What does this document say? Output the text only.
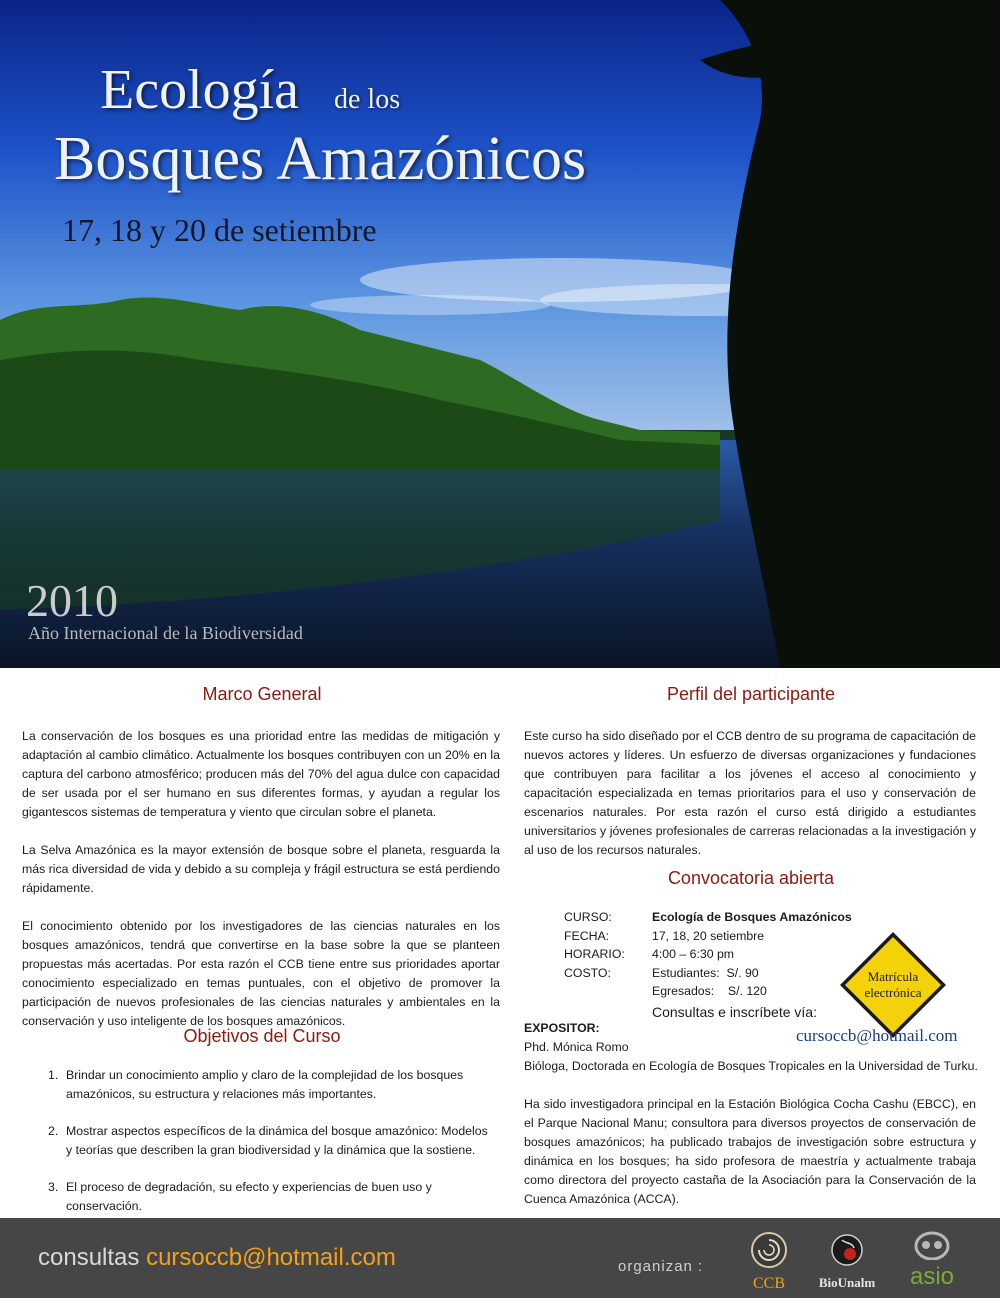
Ecología de los
Bosques Amazónicos
17, 18 y 20 de setiembre
2010
Año Internacional de la Biodiversidad
Marco General

La conservación de los bosques es una prioridad entre las medidas de mitigación y adaptación al cambio climático. Actualmente los bosques contribuyen con un 20% en la captura del carbono atmosférico; producen más del 70% del agua dulce con capacidad de ser usada por el ser humano en sus diferentes formas, y ayudan a regular los gigantescos sistemas de temperatura y viento que circulan sobre el planeta.

La Selva Amazónica es la mayor extensión de bosque sobre el planeta, resguarda la más rica diversidad de vida y debido a su compleja y frágil estructura se está perdiendo rápidamente.

El conocimiento obtenido por los investigadores de las ciencias naturales en los bosques amazónicos, tendrá que convertirse en la base sobre la que se planteen propuestas más acertadas. Por esta razón el CCB tiene entre sus prioridades aportar conocimiento especializado en temas puntuales, con el objetivo de promover la participación de nuevos profesionales de las ciencias naturales y ambientales en la conservación y uso inteligente de los bosques amazónicos.

Objetivos del Curso
1. Brindar un conocimiento amplio y claro de la complejidad de los bosques amazónicos, su estructura y relaciones más importantes.
2. Mostrar aspectos específicos de la dinámica del bosque amazónico: Modelos y teorías que describen la gran biodiversidad y la dinámica que la sostiene.
3. El proceso de degradación, su efecto y experiencias de buen uso y conservación.
Perfil del participante
Este curso ha sido diseñado por el CCB dentro de su programa de capacitación de nuevos actores y líderes. Un esfuerzo de diversas organizaciones y fundaciones que contribuyen para facilitar a los jóvenes el acceso al conocimiento y capacitación especializada en temas prioritarios para el uso y conservación de escenarios naturales. Por esta razón el curso está dirigido a estudiantes universitarios y jóvenes profesionales de carreras relacionadas a la investigación y al uso de los recursos naturales.
Convocatoria abierta
CURSO:	Ecología de Bosques Amazónicos
FECHA:	17, 18, 20 setiembre
HORARIO:	4:00 – 6:30 pm
COSTO:	Estudiantes:  S/. 90
Egresados:    S/. 120
Matrícula
electrónica
Consultas e inscríbete vía:
cursoccb@hotmail.com
EXPOSITOR:
Phd. Mónica Romo
Bióloga, Doctorada en Ecología de Bosques Tropicales en la Universidad de Turku.
Ha sido investigadora principal en la Estación Biológica Cocha Cashu (EBCC), en el Parque Nacional Manu; consultora para diversos proyectos de conservación de bosques amazónicos; ha publicado trabajos de investigación sobre estructura y dinámica en los bosques; ha sido profesora de maestría y actualmente trabaja como directora del proyecto castaña de la Asociación para la Conservación de la Cuenca Amazónica (ACCA).
consultas cursoccb@hotmail.com	organizan :
CCB	BioUnalm	asio
